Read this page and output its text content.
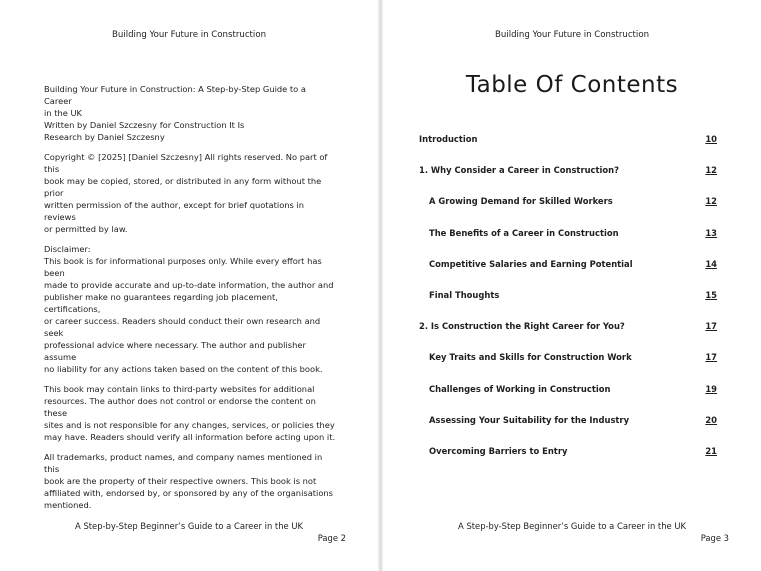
Building Your Future in Construction

Building Your Future in Construction: A Step-by-Step Guide to a Career
in the UK
Written by Daniel Szczesny for Construction It Is
Research by Daniel Szczesny

Copyright © [2025] [Daniel Szczesny] All rights reserved. No part of this
book may be copied, stored, or distributed in any form without the prior
written permission of the author, except for brief quotations in reviews
or permitted by law.

Disclaimer:
This book is for informational purposes only. While every effort has been
made to provide accurate and up-to-date information, the author and
publisher make no guarantees regarding job placement, certifications,
or career success. Readers should conduct their own research and seek
professional advice where necessary. The author and publisher assume
no liability for any actions taken based on the content of this book.

This book may contain links to third-party websites for additional
resources. The author does not control or endorse the content on these
sites and is not responsible for any changes, services, or policies they
may have. Readers should verify all information before acting upon it.

All trademarks, product names, and company names mentioned in this
book are the property of their respective owners. This book is not
affiliated with, endorsed by, or sponsored by any of the organisations
mentioned.

A Step-by-Step Beginner’s Guide to a Career in the UK
Page 2
Building Your Future in Construction
Table Of Contents
Introduction	10
1. Why Consider a Career in Construction?	12
A Growing Demand for Skilled Workers	12
The Benefits of a Career in Construction	13
Competitive Salaries and Earning Potential	14
Final Thoughts	15
2. Is Construction the Right Career for You?	17
Key Traits and Skills for Construction Work	17
Challenges of Working in Construction	19
Assessing Your Suitability for the Industry	20
Overcoming Barriers to Entry	21
A Step-by-Step Beginner’s Guide to a Career in the UK
Page 3
